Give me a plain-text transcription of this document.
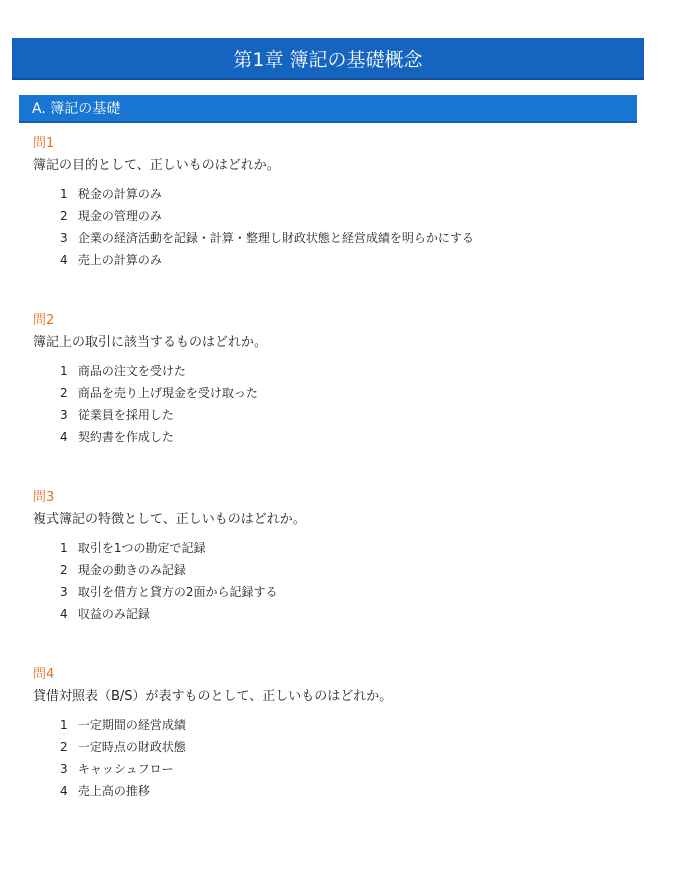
第1章 簿記の基礎概念
A. 簿記の基礎
問1
簿記の目的として、正しいものはどれか。
1 税金の計算のみ
2 現金の管理のみ
3 企業の経済活動を記録・計算・整理し財政状態と経営成績を明らかにする
4 売上の計算のみ
問2
簿記上の取引に該当するものはどれか。
1 商品の注文を受けた
2 商品を売り上げ現金を受け取った
3 従業員を採用した
4 契約書を作成した
問3
複式簿記の特徴として、正しいものはどれか。
1 取引を1つの勘定で記録
2 現金の動きのみ記録
3 取引を借方と貸方の2面から記録する
4 収益のみ記録
問4
貸借対照表（B/S）が表すものとして、正しいものはどれか。
1 一定期間の経営成績
2 一定時点の財政状態
3 キャッシュフロー
4 売上高の推移
